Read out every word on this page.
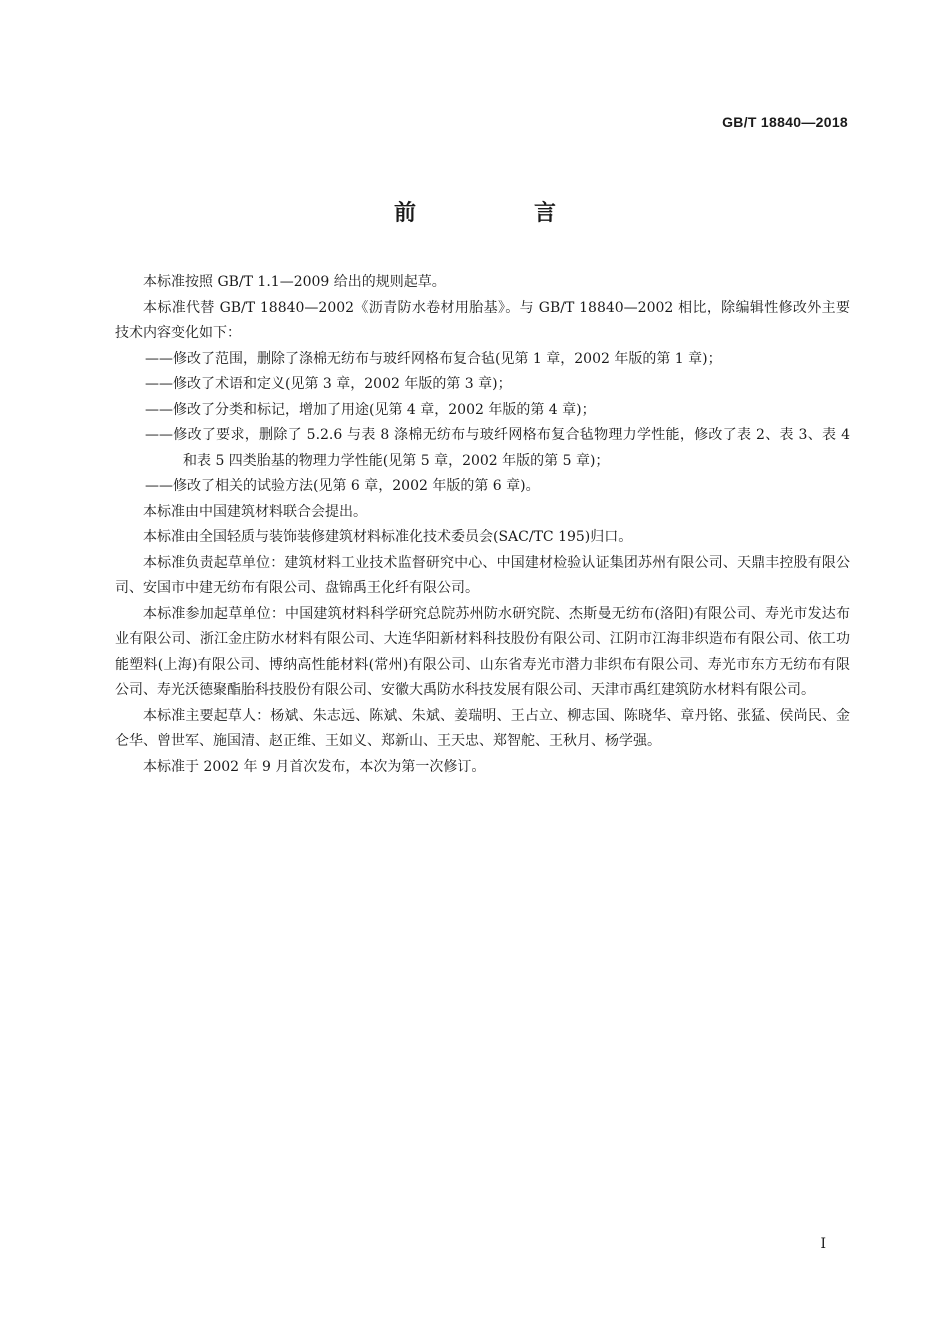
GB/T 18840—2018
前　言

本标准按照 GB/T 1.1—2009 给出的规则起草。

本标准代替 GB/T 18840—2002《沥青防水卷材用胎基》。与 GB/T 18840—2002 相比，除编辑性修改外主要技术内容变化如下：

——修改了范围，删除了涤棉无纺布与玻纤网格布复合毡(见第 1 章，2002 年版的第 1 章)；

——修改了术语和定义(见第 3 章，2002 年版的第 3 章)；

——修改了分类和标记，增加了用途(见第 4 章，2002 年版的第 4 章)；

——修改了要求，删除了 5.2.6 与表 8 涤棉无纺布与玻纤网格布复合毡物理力学性能，修改了表 2、表 3、表 4 和表 5 四类胎基的物理力学性能(见第 5 章，2002 年版的第 5 章)；

——修改了相关的试验方法(见第 6 章，2002 年版的第 6 章)。

本标准由中国建筑材料联合会提出。

本标准由全国轻质与装饰装修建筑材料标准化技术委员会(SAC/TC 195)归口。

本标准负责起草单位：建筑材料工业技术监督研究中心、中国建材检验认证集团苏州有限公司、天鼎丰控股有限公司、安国市中建无纺布有限公司、盘锦禹王化纤有限公司。

本标准参加起草单位：中国建筑材料科学研究总院苏州防水研究院、杰斯曼无纺布(洛阳)有限公司、寿光市发达布业有限公司、浙江金庄防水材料有限公司、大连华阳新材料科技股份有限公司、江阴市江海非织造布有限公司、依工功能塑料(上海)有限公司、博纳高性能材料(常州)有限公司、山东省寿光市潜力非织布有限公司、寿光市东方无纺布有限公司、寿光沃德聚酯胎科技股份有限公司、安徽大禹防水科技发展有限公司、天津市禹红建筑防水材料有限公司。

本标准主要起草人：杨斌、朱志远、陈斌、朱斌、姜瑞明、王占立、柳志国、陈晓华、章丹铭、张猛、侯尚民、金仑华、曾世军、施国清、赵正维、王如义、郑新山、王天忠、郑智舵、王秋月、杨学强。

本标准于 2002 年 9 月首次发布，本次为第一次修订。

I
